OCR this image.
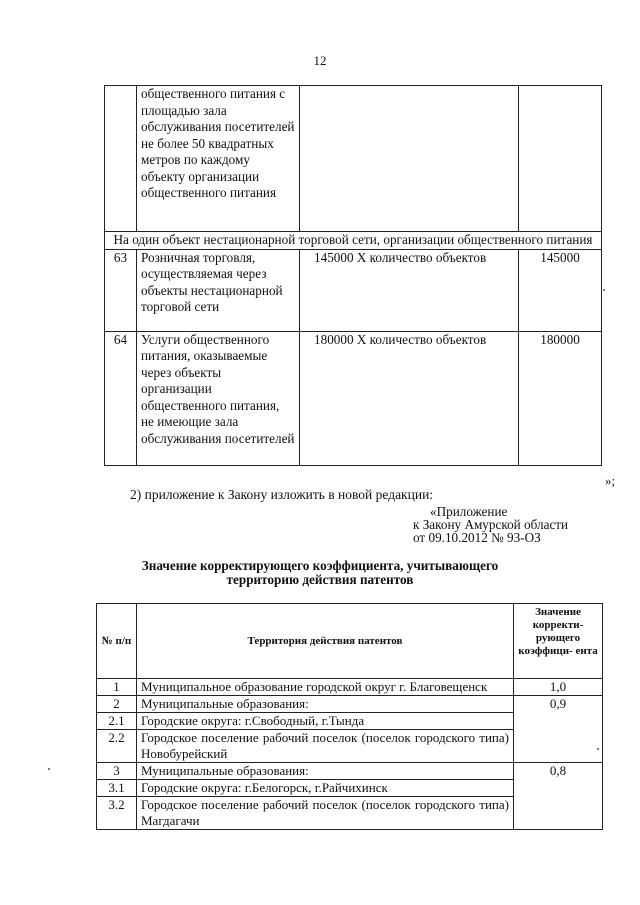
12
	общественного питания с площадью зала обслуживания посетителей не более 50 квадратных метров по каждому объекту организации общественного питания		
На один объект нестационарной торговой сети, организации общественного питания			
63	Розничная торговля, осуществляемая через объекты нестационарной торговой сети	145000 Х количество объектов	145000
64	Услуги общественного питания, оказываемые через объекты организации общественного питания, не имеющие зала обслуживания посетителей	180000 Х количество объектов	180000
»;
2) приложение к Закону изложить в новой редакции:
«Приложение
к Закону Амурской области
от 09.10.2012 № 93-ОЗ
Значение корректирующего коэффициента, учитывающего
территорию действия патентов
№ п/п	Территория действия патентов	Значение корректи- рующего коэффици- ента
1	Муниципальное образование городской округ г. Благовещенск	1,0
2	Муниципальные образования:	0,9
2.1	Городские округа: г.Свободный, г.Тында	
2.2	Городское поселение рабочий поселок (поселок городского типа) Новобурейский	
3	Муниципальные образования:	0,8
3.1	Городские округа: г.Белогорск, г.Райчихинск	
3.2	Городское поселение рабочий поселок (поселок городского типа) Магдагачи	
